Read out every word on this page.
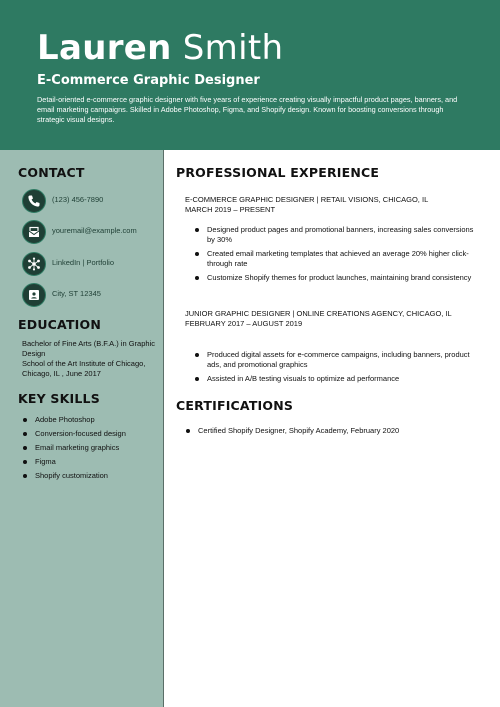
Lauren Smith
E-Commerce Graphic Designer
Detail-oriented e-commerce graphic designer with five years of experience creating visually impactful product pages, banners, and email marketing campaigns. Skilled in Adobe Photoshop, Figma, and Shopify design. Known for boosting conversions through strategic visual designs.
CONTACT
(123) 456-7890
youremail@example.com
LinkedIn | Portfolio
City, ST 12345
EDUCATION
Bachelor of Fine Arts (B.F.A.) in Graphic Design
School of the Art Institute of Chicago, Chicago, IL , June 2017
KEY SKILLS
Adobe Photoshop
Conversion-focused design
Email marketing graphics
Figma
Shopify customization
PROFESSIONAL EXPERIENCE
E-COMMERCE GRAPHIC DESIGNER | RETAIL VISIONS, CHICAGO, IL
MARCH 2019 – PRESENT
Designed product pages and promotional banners, increasing sales conversions by 30%
Created email marketing templates that achieved an average 20% higher click-through rate
Customize Shopify themes for product launches, maintaining brand consistency
JUNIOR GRAPHIC DESIGNER | ONLINE CREATIONS AGENCY, CHICAGO, IL
FEBRUARY 2017 – AUGUST 2019
Produced digital assets for e-commerce campaigns, including banners, product ads, and promotional graphics
Assisted in A/B testing visuals to optimize ad performance
CERTIFICATIONS
Certified Shopify Designer, Shopify Academy, February 2020
